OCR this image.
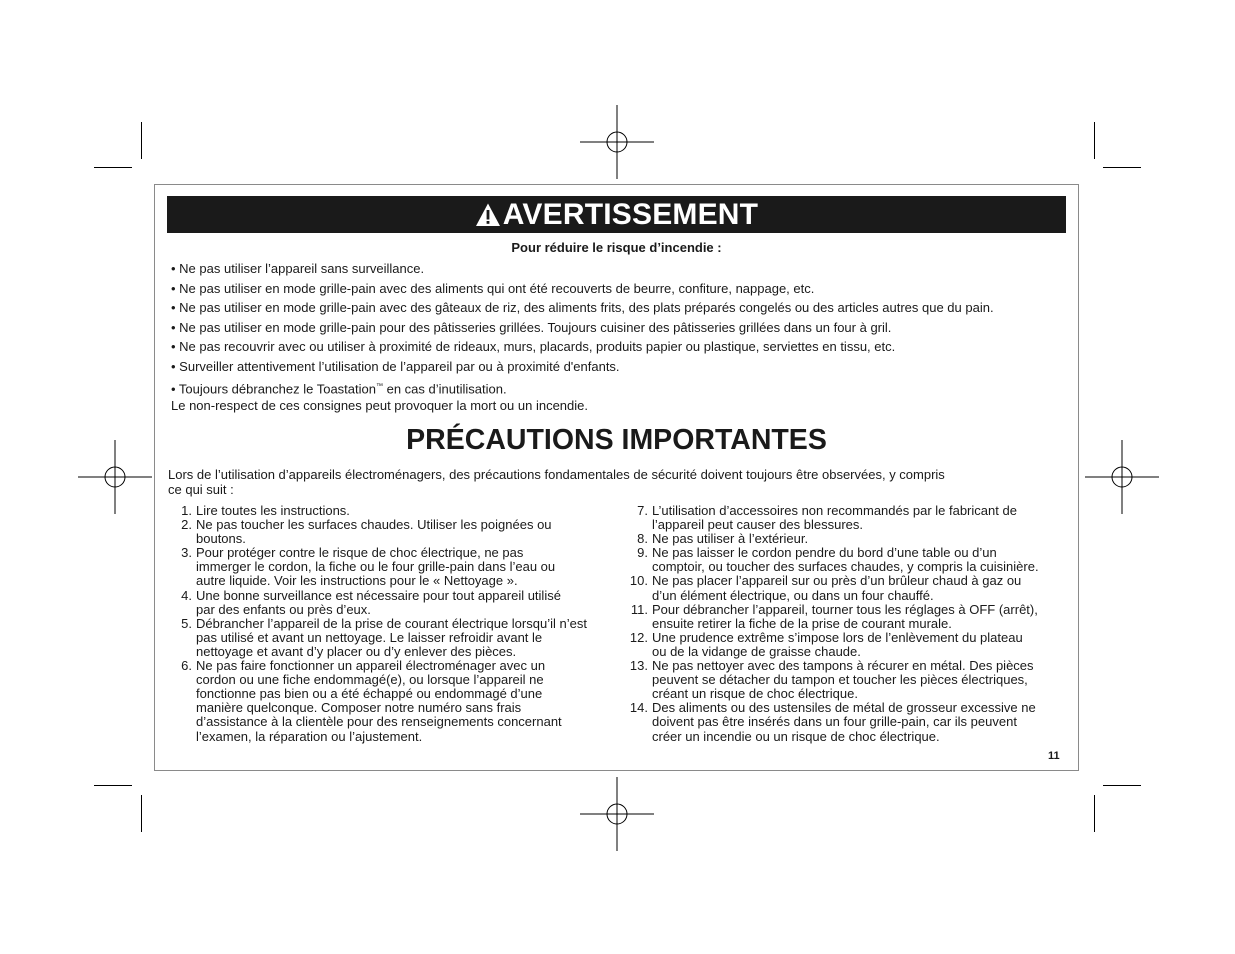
AVERTISSEMENT
Pour réduire le risque d’incendie :
• Ne pas utiliser l’appareil sans surveillance.
• Ne pas utiliser en mode grille-pain avec des aliments qui ont été recouverts de beurre, confiture, nappage, etc.
• Ne pas utiliser en mode grille-pain avec des gâteaux de riz, des aliments frits, des plats préparés congelés ou des articles autres que du pain.
• Ne pas utiliser en mode grille-pain pour des pâtisseries grillées. Toujours cuisiner des pâtisseries grillées dans un four à gril.
• Ne pas recouvrir avec ou utiliser à proximité de rideaux, murs, placards, produits papier ou plastique, serviettes en tissu, etc.
• Surveiller attentivement l’utilisation de l’appareil par ou à proximité d'enfants.
• Toujours débranchez le Toastation™ en cas d’inutilisation.
Le non-respect de ces consignes peut provoquer la mort ou un incendie.
PRÉCAUTIONS IMPORTANTES
Lors de l’utilisation d’appareils électroménagers, des précautions fondamentales de sécurité doivent toujours être observées, y compris
ce qui suit :
1. Lire toutes les instructions.
2. Ne pas toucher les surfaces chaudes. Utiliser les poignées ou
boutons.
3. Pour protéger contre le risque de choc électrique, ne pas
immerger le cordon, la fiche ou le four grille-pain dans l’eau ou
autre liquide. Voir les instructions pour le « Nettoyage ».
4. Une bonne surveillance est nécessaire pour tout appareil utilisé
par des enfants ou près d’eux.
5. Débrancher l’appareil de la prise de courant électrique lorsqu’il n’est
pas utilisé et avant un nettoyage. Le laisser refroidir avant le
nettoyage et avant d’y placer ou d’y enlever des pièces.
6. Ne pas faire fonctionner un appareil électroménager avec un
cordon ou une fiche endommagé(e), ou lorsque l’appareil ne
fonctionne pas bien ou a été échappé ou endommagé d’une
manière quelconque. Composer notre numéro sans frais
d’assistance à la clientèle pour des renseignements concernant
l’examen, la réparation ou l’ajustement.
7. L’utilisation d’accessoires non recommandés par le fabricant de
l’appareil peut causer des blessures.
8. Ne pas utiliser à l’extérieur.
9. Ne pas laisser le cordon pendre du bord d’une table ou d’un
comptoir, ou toucher des surfaces chaudes, y compris la cuisinière.
10. Ne pas placer l’appareil sur ou près d’un brûleur chaud à gaz ou
d’un élément électrique, ou dans un four chauffé.
11. Pour débrancher l’appareil, tourner tous les réglages à OFF (arrêt),
ensuite retirer la fiche de la prise de courant murale.
12. Une prudence extrême s’impose lors de l’enlèvement du plateau
ou de la vidange de graisse chaude.
13. Ne pas nettoyer avec des tampons à récurer en métal. Des pièces
peuvent se détacher du tampon et toucher les pièces électriques,
créant un risque de choc électrique.
14. Des aliments ou des ustensiles de métal de grosseur excessive ne
doivent pas être insérés dans un four grille-pain, car ils peuvent
créer un incendie ou un risque de choc électrique.
11
